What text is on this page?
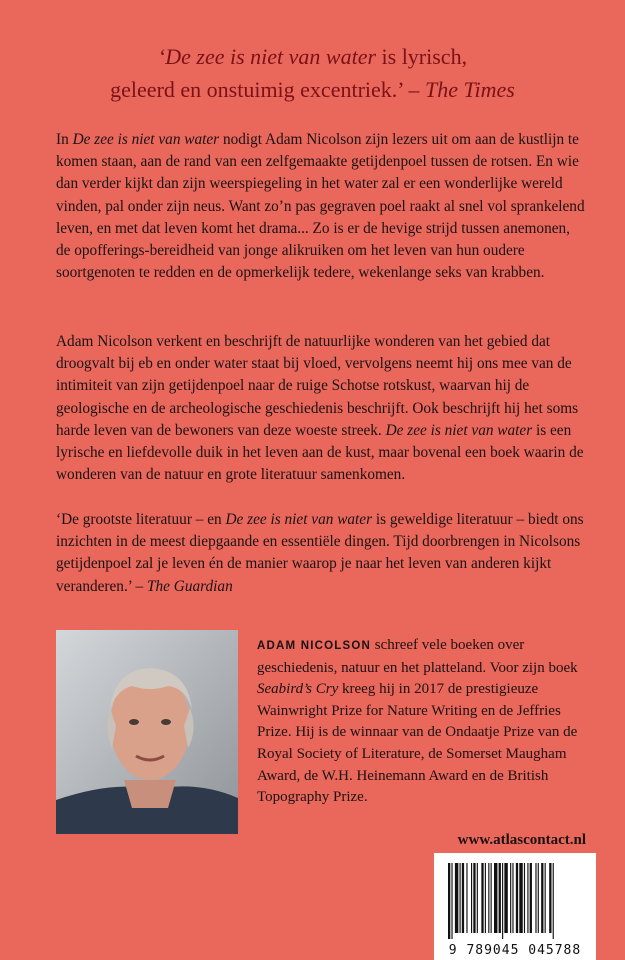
‘De zee is niet van water is lyrisch,
geleerd en onstuimig excentriek.’ – The Times
In De zee is niet van water nodigt Adam Nicolson zijn lezers uit om aan de kustlijn te komen staan, aan de rand van een zelfgemaakte getijdenpoel tussen de rotsen. En wie dan verder kijkt dan zijn weerspiegeling in het water zal er een wonderlijke wereld vinden, pal onder zijn neus. Want zo’n pas gegraven poel raakt al snel vol sprankelend leven, en met dat leven komt het drama... Zo is er de hevige strijd tussen anemonen, de opofferings-bereidheid van jonge alikruiken om het leven van hun oudere soortgenoten te redden en de opmerkelijk tedere, wekenlange seks van krabben.
Adam Nicolson verkent en beschrijft de natuurlijke wonderen van het gebied dat droogvalt bij eb en onder water staat bij vloed, vervolgens neemt hij ons mee van de intimiteit van zijn getijdenpoel naar de ruige Schotse rotskust, waarvan hij de geologische en de archeologische geschiedenis beschrijft. Ook beschrijft hij het soms harde leven van de bewoners van deze woeste streek. De zee is niet van water is een lyrische en liefdevolle duik in het leven aan de kust, maar bovenal een boek waarin de wonderen van de natuur en grote literatuur samenkomen.
‘De grootste literatuur – en De zee is niet van water is geweldige literatuur – biedt ons inzichten in de meest diepgaande en essentiële dingen. Tijd doorbrengen in Nicolsons getijdenpoel zal je leven én de manier waarop je naar het leven van anderen kijkt veranderen.’ – The Guardian
ADAM NICOLSON schreef vele boeken over geschiedenis, natuur en het platteland. Voor zijn boek Seabird’s Cry kreeg hij in 2017 de prestigieuze Wainwright Prize for Nature Writing en de Jeffries Prize. Hij is de winnaar van de Ondaatje Prize van de Royal Society of Literature, de Somerset Maugham Award, de W.H. Heinemann Award en de British Topography Prize.
www.atlascontact.nl
9 789045 045788
